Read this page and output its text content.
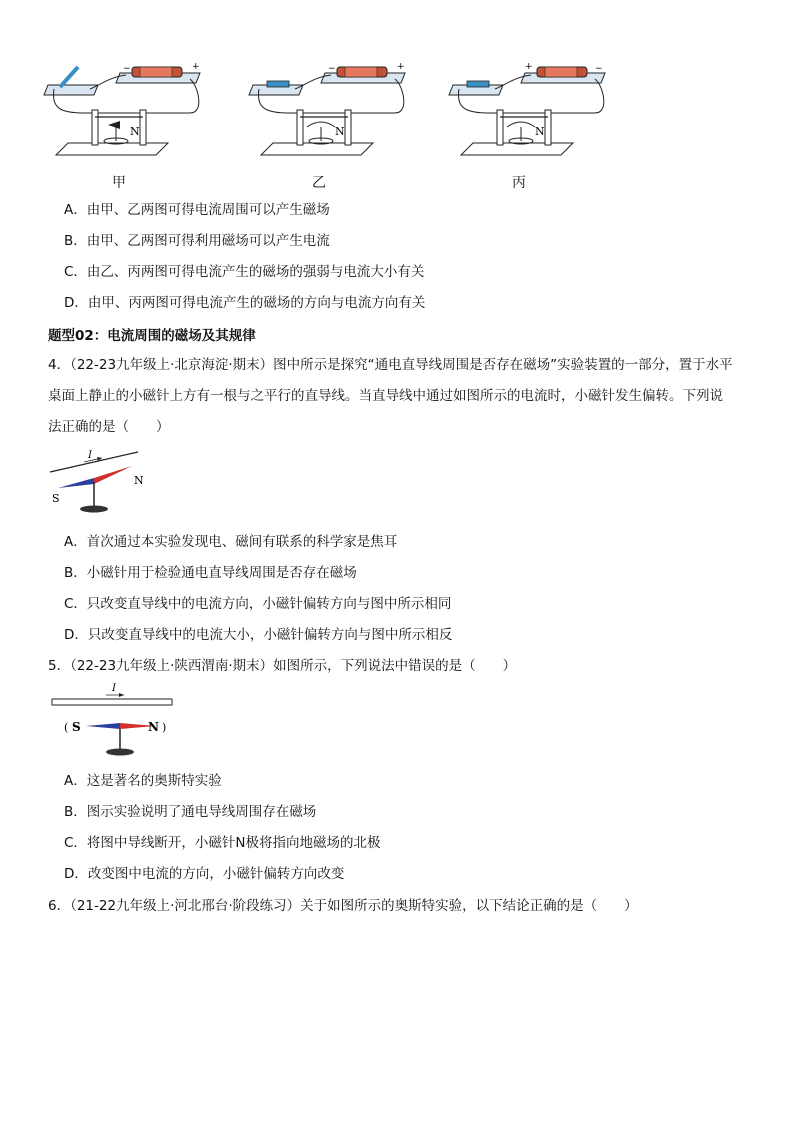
−	+
N
−	+
N
+	−
N
甲	乙	丙
A．由甲、乙两图可得电流周围可以产生磁场
B．由甲、乙两图可得利用磁场可以产生电流
C．由乙、丙两图可得电流产生的磁场的强弱与电流大小有关
D．由甲、丙两图可得电流产生的磁场的方向与电流方向有关
题型02：电流周围的磁场及其规律
4．（22-23九年级上·北京海淀·期末）图中所示是探究“通电直导线周围是否存在磁场”实验装置的一部分，置于水平
桌面上静止的小磁针上方有一根与之平行的直导线。当直导线中通过如图所示的电流时，小磁针发生偏转。下列说
法正确的是（　　）
I
S
N
A．首次通过本实验发现电、磁间有联系的科学家是焦耳
B．小磁针用于检验通电直导线周围是否存在磁场
C．只改变直导线中的电流方向，小磁针偏转方向与图中所示相同
D．只改变直导线中的电流大小，小磁针偏转方向与图中所示相反
5．（22-23九年级上·陕西渭南·期末）如图所示，下列说法中错误的是（　　）
I
( S	N )
A．这是著名的奥斯特实验
B．图示实验说明了通电导线周围存在磁场
C．将图中导线断开，小磁针N极将指向地磁场的北极
D．改变图中电流的方向，小磁针偏转方向改变
6．（21-22九年级上·河北邢台·阶段练习）关于如图所示的奥斯特实验，以下结论正确的是（　　）
